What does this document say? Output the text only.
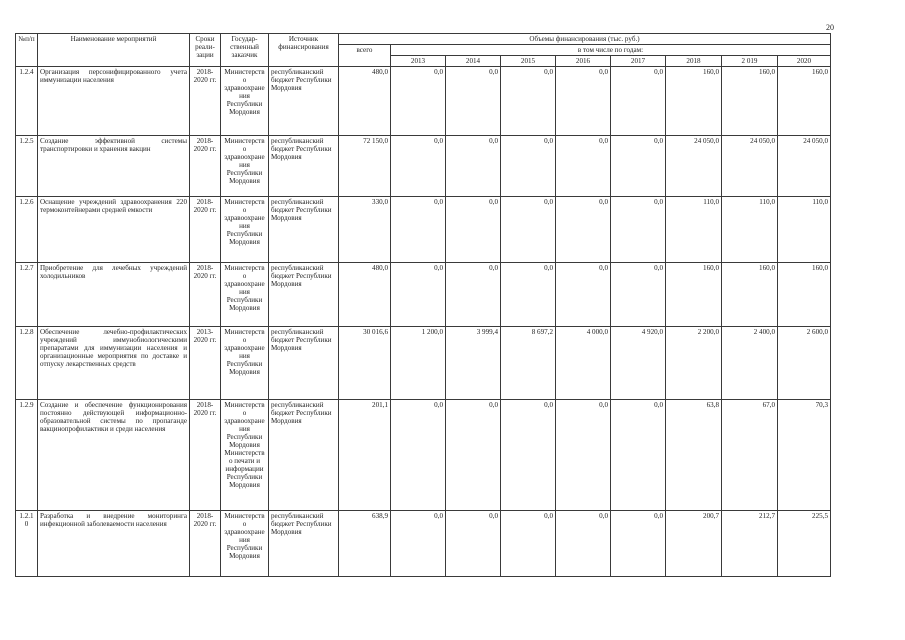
20
№п/п	Наименование мероприятий	Сроки реали-зации	Государ-ственный заказчик	Источник финансирования	Объемы финансирования (тыс. руб.)								
					всего	в том числе по годам:							
						2013	2014	2015	2016	2017	2018	2 019	2020
1.2.4	Организация персонифицированного учета иммунизации населения	2018-2020 гг.	Министерство здравоохранения Республики Мордовия	республиканский бюджет Республики Мордовия	480,0	0,0	0,0	0,0	0,0	0,0	160,0	160,0	160,0
1.2.5	Создание эффективной системы транспортировки и хранения вакцин	2018-2020 гг.	Министерство здравоохранения Республики Мордовия	республиканский бюджет Республики Мордовия	72 150,0	0,0	0,0	0,0	0,0	0,0	24 050,0	24 050,0	24 050,0
1.2.6	Оснащение учреждений здравоохранения 220 термоконтейнерами средней емкости	2018-2020 гг.	Министерство здравоохранения Республики Мордовия	республиканский бюджет Республики Мордовия	330,0	0,0	0,0	0,0	0,0	0,0	110,0	110,0	110,0
1.2.7	Приобретение для лечебных учреждений холодильников	2018-2020 гг.	Министерство здравоохранения Республики Мордовия	республиканский бюджет Республики Мордовия	480,0	0,0	0,0	0,0	0,0	0,0	160,0	160,0	160,0
1.2.8	Обеспечение лечебно-профилактических учреждений иммунобиологическими препаратами для иммунизации населения и организационные мероприятия по доставке и отпуску лекарственных средств	2013-2020 гг.	Министерство здравоохранения Республики Мордовия	республиканский бюджет Республики Мордовия	30 016,6	1 200,0	3 999,4	8 697,2	4 000,0	4 920,0	2 200,0	2 400,0	2 600,0
1.2.9	Создание и обеспечение функционирования постоянно действующей информационно-образовательной системы по пропаганде вакцинопрофилактики и среди населения	2018-2020 гг.	Министерство здравоохранения Республики Мордовия Министерство печати и информации Республики Мордовия	республиканский бюджет Республики Мордовия	201,1	0,0	0,0	0,0	0,0	0,0	63,8	67,0	70,3
1.2.10	Разработка и внедрение мониторинга инфекционной заболеваемости населения	2018-2020 гг.	Министерство здравоохранения Республики Мордовия	республиканский бюджет Республики Мордовия	638,9	0,0	0,0	0,0	0,0	0,0	200,7	212,7	225,5
